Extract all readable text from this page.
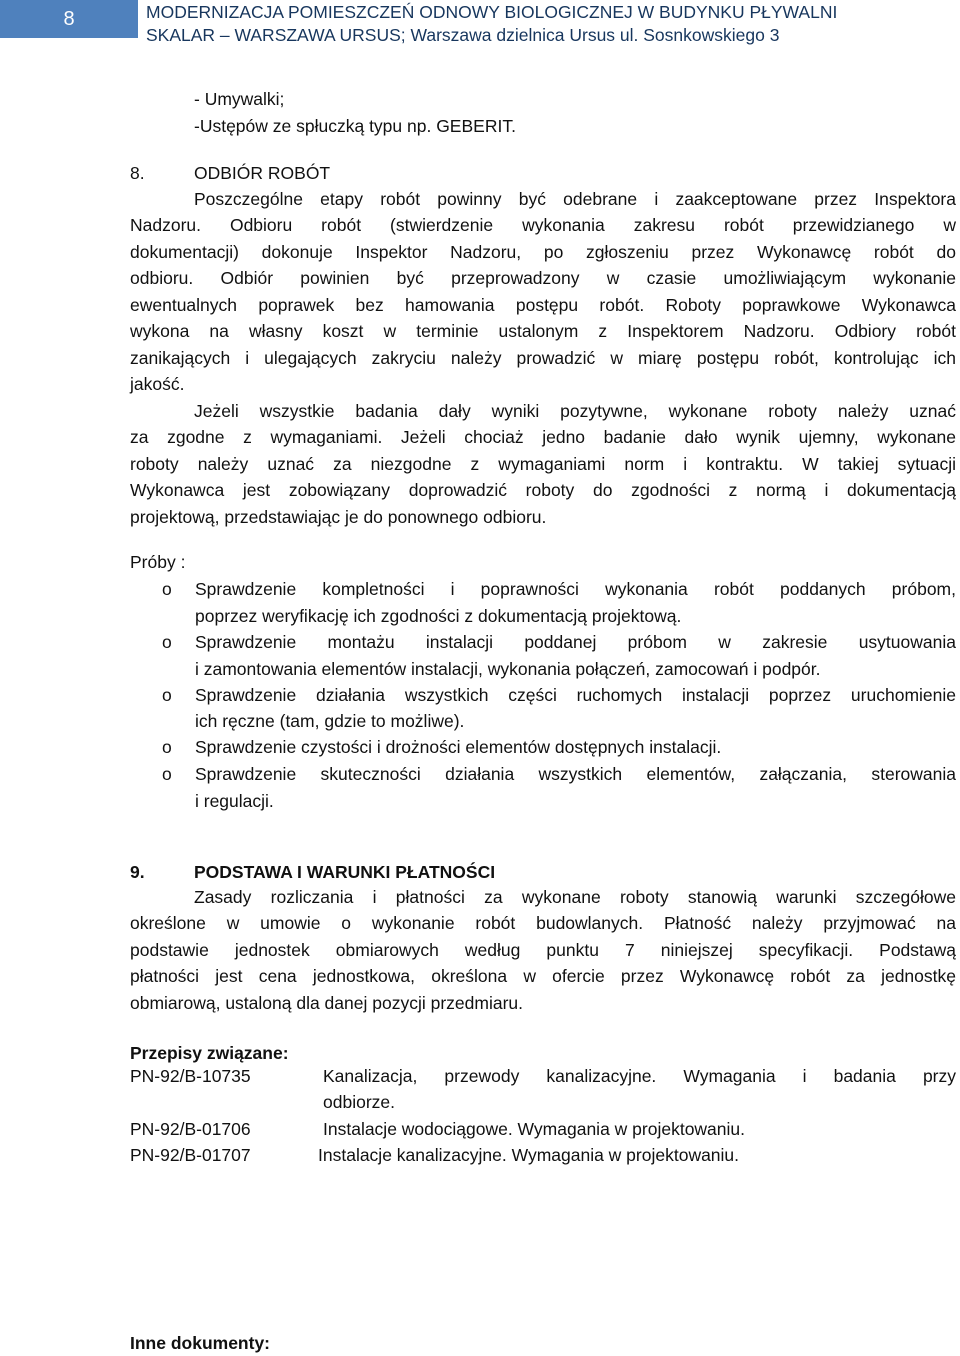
8	MODERNIZACJA POMIESZCZEŃ ODNOWY BIOLOGICZNEJ W BUDYNKU PŁYWALNI
SKALAR – WARSZAWA URSUS; Warszawa dzielnica Ursus ul. Sosnkowskiego 3
- Umywalki;
-Ustępów ze spłuczką typu np. GEBERIT.
8.	ODBIÓR ROBÓT
Poszczególne etapy robót powinny być odebrane i zaakceptowane przez Inspektora
Nadzoru. Odbioru robót (stwierdzenie wykonania zakresu robót przewidzianego w
dokumentacji) dokonuje Inspektor Nadzoru, po zgłoszeniu przez Wykonawcę robót do
odbioru. Odbiór powinien być przeprowadzony w czasie umożliwiającym wykonanie
ewentualnych poprawek bez hamowania postępu robót. Roboty poprawkowe Wykonawca
wykona na własny koszt w terminie ustalonym z Inspektorem Nadzoru. Odbiory robót
zanikających i ulegających zakryciu należy prowadzić w miarę postępu robót, kontrolując ich
jakość.
Jeżeli wszystkie badania dały wyniki pozytywne, wykonane roboty należy uznać
za zgodne z wymaganiami. Jeżeli chociaż jedno badanie dało wynik ujemny, wykonane
roboty należy uznać za niezgodne z wymaganiami norm i kontraktu. W takiej sytuacji
Wykonawca jest zobowiązany doprowadzić roboty do zgodności z normą i dokumentacją
projektową, przedstawiając je do ponownego odbioru.
Próby :
o Sprawdzenie kompletności i poprawności wykonania robót poddanych próbom,
poprzez weryfikację ich zgodności z dokumentacją projektową.
o Sprawdzenie montażu instalacji poddanej próbom w zakresie usytuowania
i zamontowania elementów instalacji, wykonania połączeń, zamocowań i podpór.
o Sprawdzenie działania wszystkich części ruchomych instalacji poprzez uruchomienie
ich ręczne (tam, gdzie to możliwe).
o Sprawdzenie czystości i drożności elementów dostępnych instalacji.
o Sprawdzenie skuteczności działania wszystkich elementów, załączania, sterowania
i regulacji.
9.	PODSTAWA I WARUNKI PŁATNOŚCI
Zasady rozliczania i płatności za wykonane roboty stanowią warunki szczegółowe
określone w umowie o wykonanie robót budowlanych. Płatność należy przyjmować na
podstawie jednostek obmiarowych według punktu 7 niniejszej specyfikacji. Podstawą
płatności jest cena jednostkowa, określona w ofercie przez Wykonawcę robót za jednostkę
obmiarową, ustaloną dla danej pozycji przedmiaru.
Przepisy związane:
PN-92/B-10735	Kanalizacja, przewody kanalizacyjne. Wymagania i badania przy
odbiorze.
PN-92/B-01706	Instalacje wodociągowe. Wymagania w projektowaniu.
PN-92/B-01707	Instalacje kanalizacyjne. Wymagania w projektowaniu.
Inne dokumenty:
